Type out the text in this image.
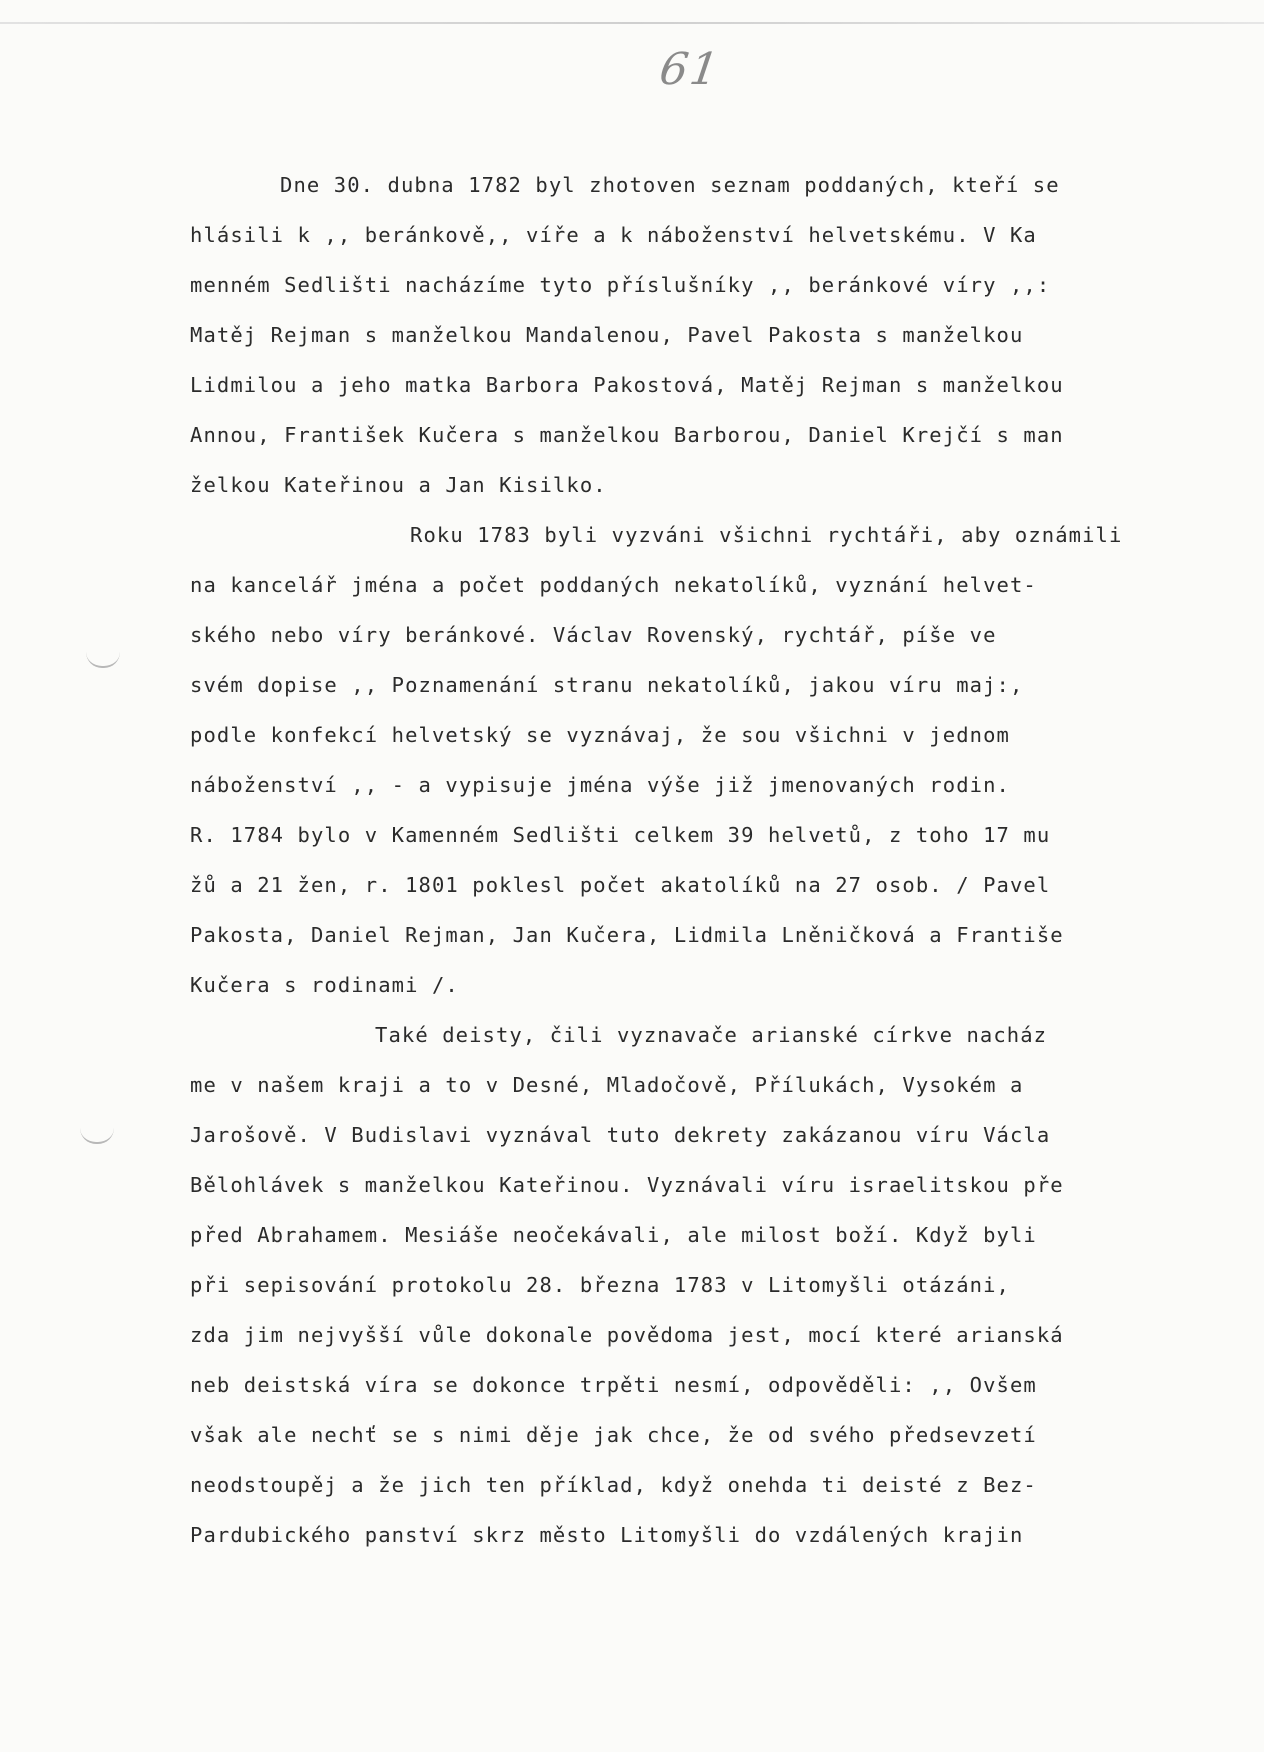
61
Dne 30. dubna 1782 byl zhotoven seznam poddaných, kteří se
hlásili k ,, beránkově,, víře a k náboženství helvetskému. V Ka
menném Sedlišti nacházíme tyto příslušníky ,, beránkové víry ,,:
Matěj Rejman s manželkou Mandalenou, Pavel Pakosta s manželkou
Lidmilou a jeho matka Barbora Pakostová, Matěj Rejman s manželkou
Annou, František Kučera s manželkou Barborou, Daniel Krejčí s man
želkou Kateřinou a Jan Kisilko.
Roku 1783 byli vyzváni všichni rychtáři, aby oznámili
na kancelář jména a počet poddaných nekatolíků, vyznání helvet-
ského nebo víry beránkové. Václav Rovenský, rychtář, píše ve
svém dopise ,, Poznamenání stranu nekatolíků, jakou víru maj:,
podle konfekcí helvetský se vyznávaj, že sou všichni v jednom
náboženství ,, - a vypisuje jména výše již jmenovaných rodin.
R. 1784 bylo v Kamenném Sedlišti celkem 39 helvetů, z toho 17 mu
žů a 21 žen, r. 1801 poklesl počet akatolíků na 27 osob. / Pavel
Pakosta, Daniel Rejman, Jan Kučera, Lidmila Lněničková a Františe
Kučera s rodinami /.
Také deisty, čili vyznavače arianské církve nacház
me v našem kraji a to v Desné, Mladočově, Přílukách, Vysokém a
Jarošově. V Budislavi vyznával tuto dekrety zakázanou víru Václa
Bělohlávek s manželkou Kateřinou. Vyznávali víru israelitskou pře
před Abrahamem. Mesiáše neočekávali, ale milost boží. Když byli
při sepisování protokolu 28. března 1783 v Litomyšli otázáni,
zda jim nejvyšší vůle dokonale povědoma jest, mocí které arianská
neb deistská víra se dokonce trpěti nesmí, odpověděli: ,, Ovšem
však ale nechť se s nimi děje jak chce, že od svého předsevzetí
neodstoupěj a že jich ten příklad, když onehda ti deisté z Bez-
Pardubického panství skrz město Litomyšli do vzdálených krajin
